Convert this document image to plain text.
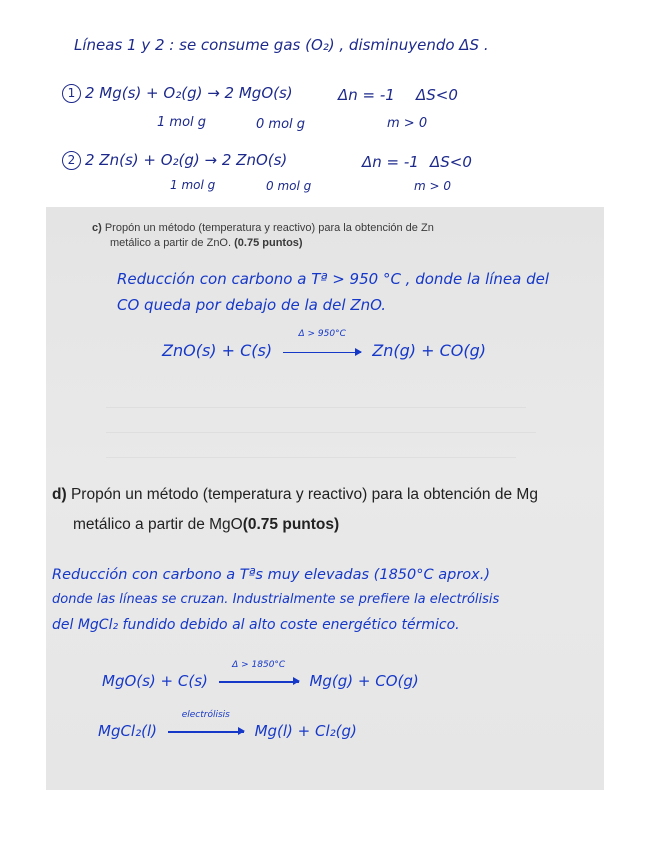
Líneas 1 y 2 : se consume gas (O₂) , disminuyendo ΔS .
1 2 Mg(s) + O₂(g) → 2 MgO(s)	Δn = -1 ΔS<0
1 mol g	0 mol g	m > 0
2 2 Zn(s) + O₂(g) → 2 ZnO(s)	Δn = -1 ΔS<0
1 mol g	0 mol g	m > 0
c) Propón un método (temperatura y reactivo) para la obtención de Zn
metálico a partir de ZnO. (0.75 puntos)
Reducción con carbono a Tª > 950 °C , donde la línea del
CO queda por debajo de la del ZnO.
ZnO(s) + C(s)
Δ > 950°C
Zn(g) + CO(g)
d) Propón un método (temperatura y reactivo) para la obtención de Mg
metálico a partir de MgO(0.75 puntos)
Reducción con carbono a Tªs muy elevadas (1850°C aprox.)
donde las líneas se cruzan. Industrialmente se prefiere la electrólisis
del MgCl₂ fundido debido al alto coste energético térmico.
MgO(s) + C(s)
Δ > 1850°C
Mg(g) + CO(g)
MgCl₂(l)
electrólisis
Mg(l) + Cl₂(g)
